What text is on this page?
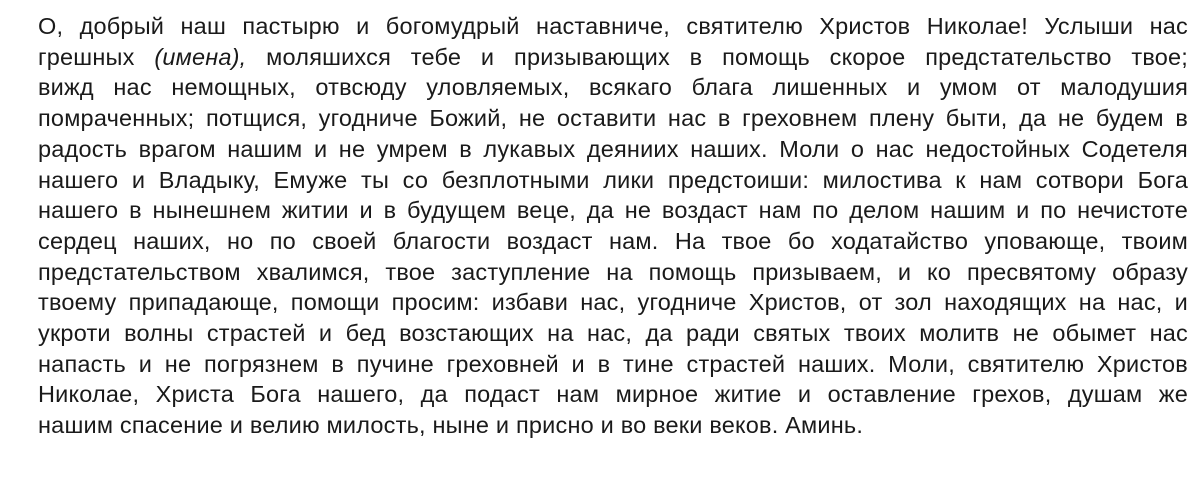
О, добрый наш пастырю и богомудрый наставниче, святителю Христов Николае! Услыши нас
грешных (имена), моляшихся тебе и призывающих в помощь скорое предстательство твое;
вижд нас немощных, отвсюду уловляемых, всякаго блага лишенных и умом от малодушия
помраченных; потщися, угодниче Божий, не оставити нас в греховнем плену быти, да не будем в
радость врагом нашим и не умрем в лукавых деяниих наших. Моли о нас недостойных Содетеля
нашего и Владыку, Емуже ты со безплотными лики предстоиши: милостива к нам сотвори Бога
нашего в нынешнем житии и в будущем веце, да не воздаст нам по делом нашим и по нечистоте
сердец наших, но по своей благости воздаст нам. На твое бо ходатайство уповающе, твоим
предстательством хвалимся, твое заступление на помощь призываем, и ко пресвятому образу
твоему припадающе, помощи просим: избави нас, угодниче Христов, от зол находящих на нас, и
укроти волны страстей и бед возстающих на нас, да ради святых твоих молитв не обымет нас
напасть и не погрязнем в пучине греховней и в тине страстей наших. Моли, святителю Христов
Николае, Христа Бога нашего, да подаст нам мирное житие и оставление грехов, душам же
нашим спасение и велию милость, ныне и присно и во веки веков. Аминь.
